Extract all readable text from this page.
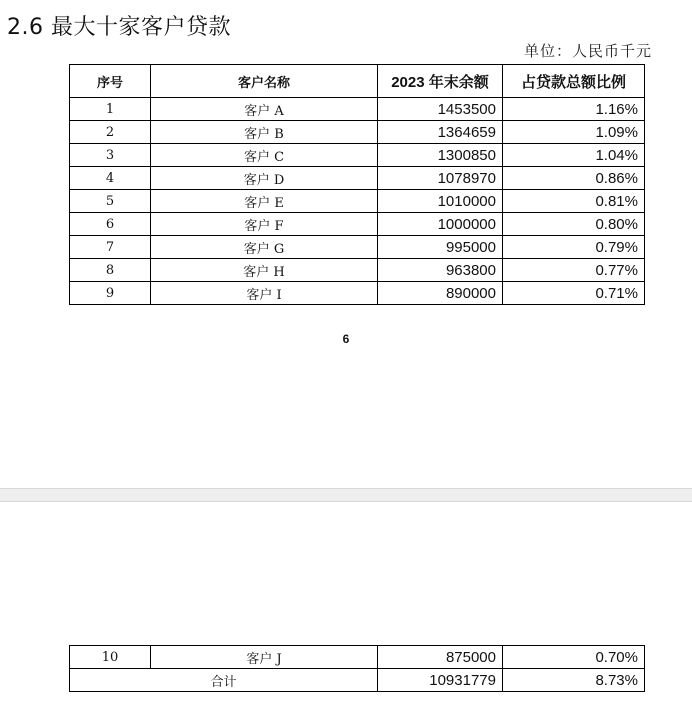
2.6 最大十家客户贷款
单位：人民币千元
序号	客户名称	2023 年末余额	占贷款总额比例
1	客户 A	1453500	1.16%
2	客户 B	1364659	1.09%
3	客户 C	1300850	1.04%
4	客户 D	1078970	0.86%
5	客户 E	1010000	0.81%
6	客户 F	1000000	0.80%
7	客户 G	995000	0.79%
8	客户 H	963800	0.77%
9	客户 I	890000	0.71%
6
10	客户 J	875000	0.70%
合计		10931779	8.73%
